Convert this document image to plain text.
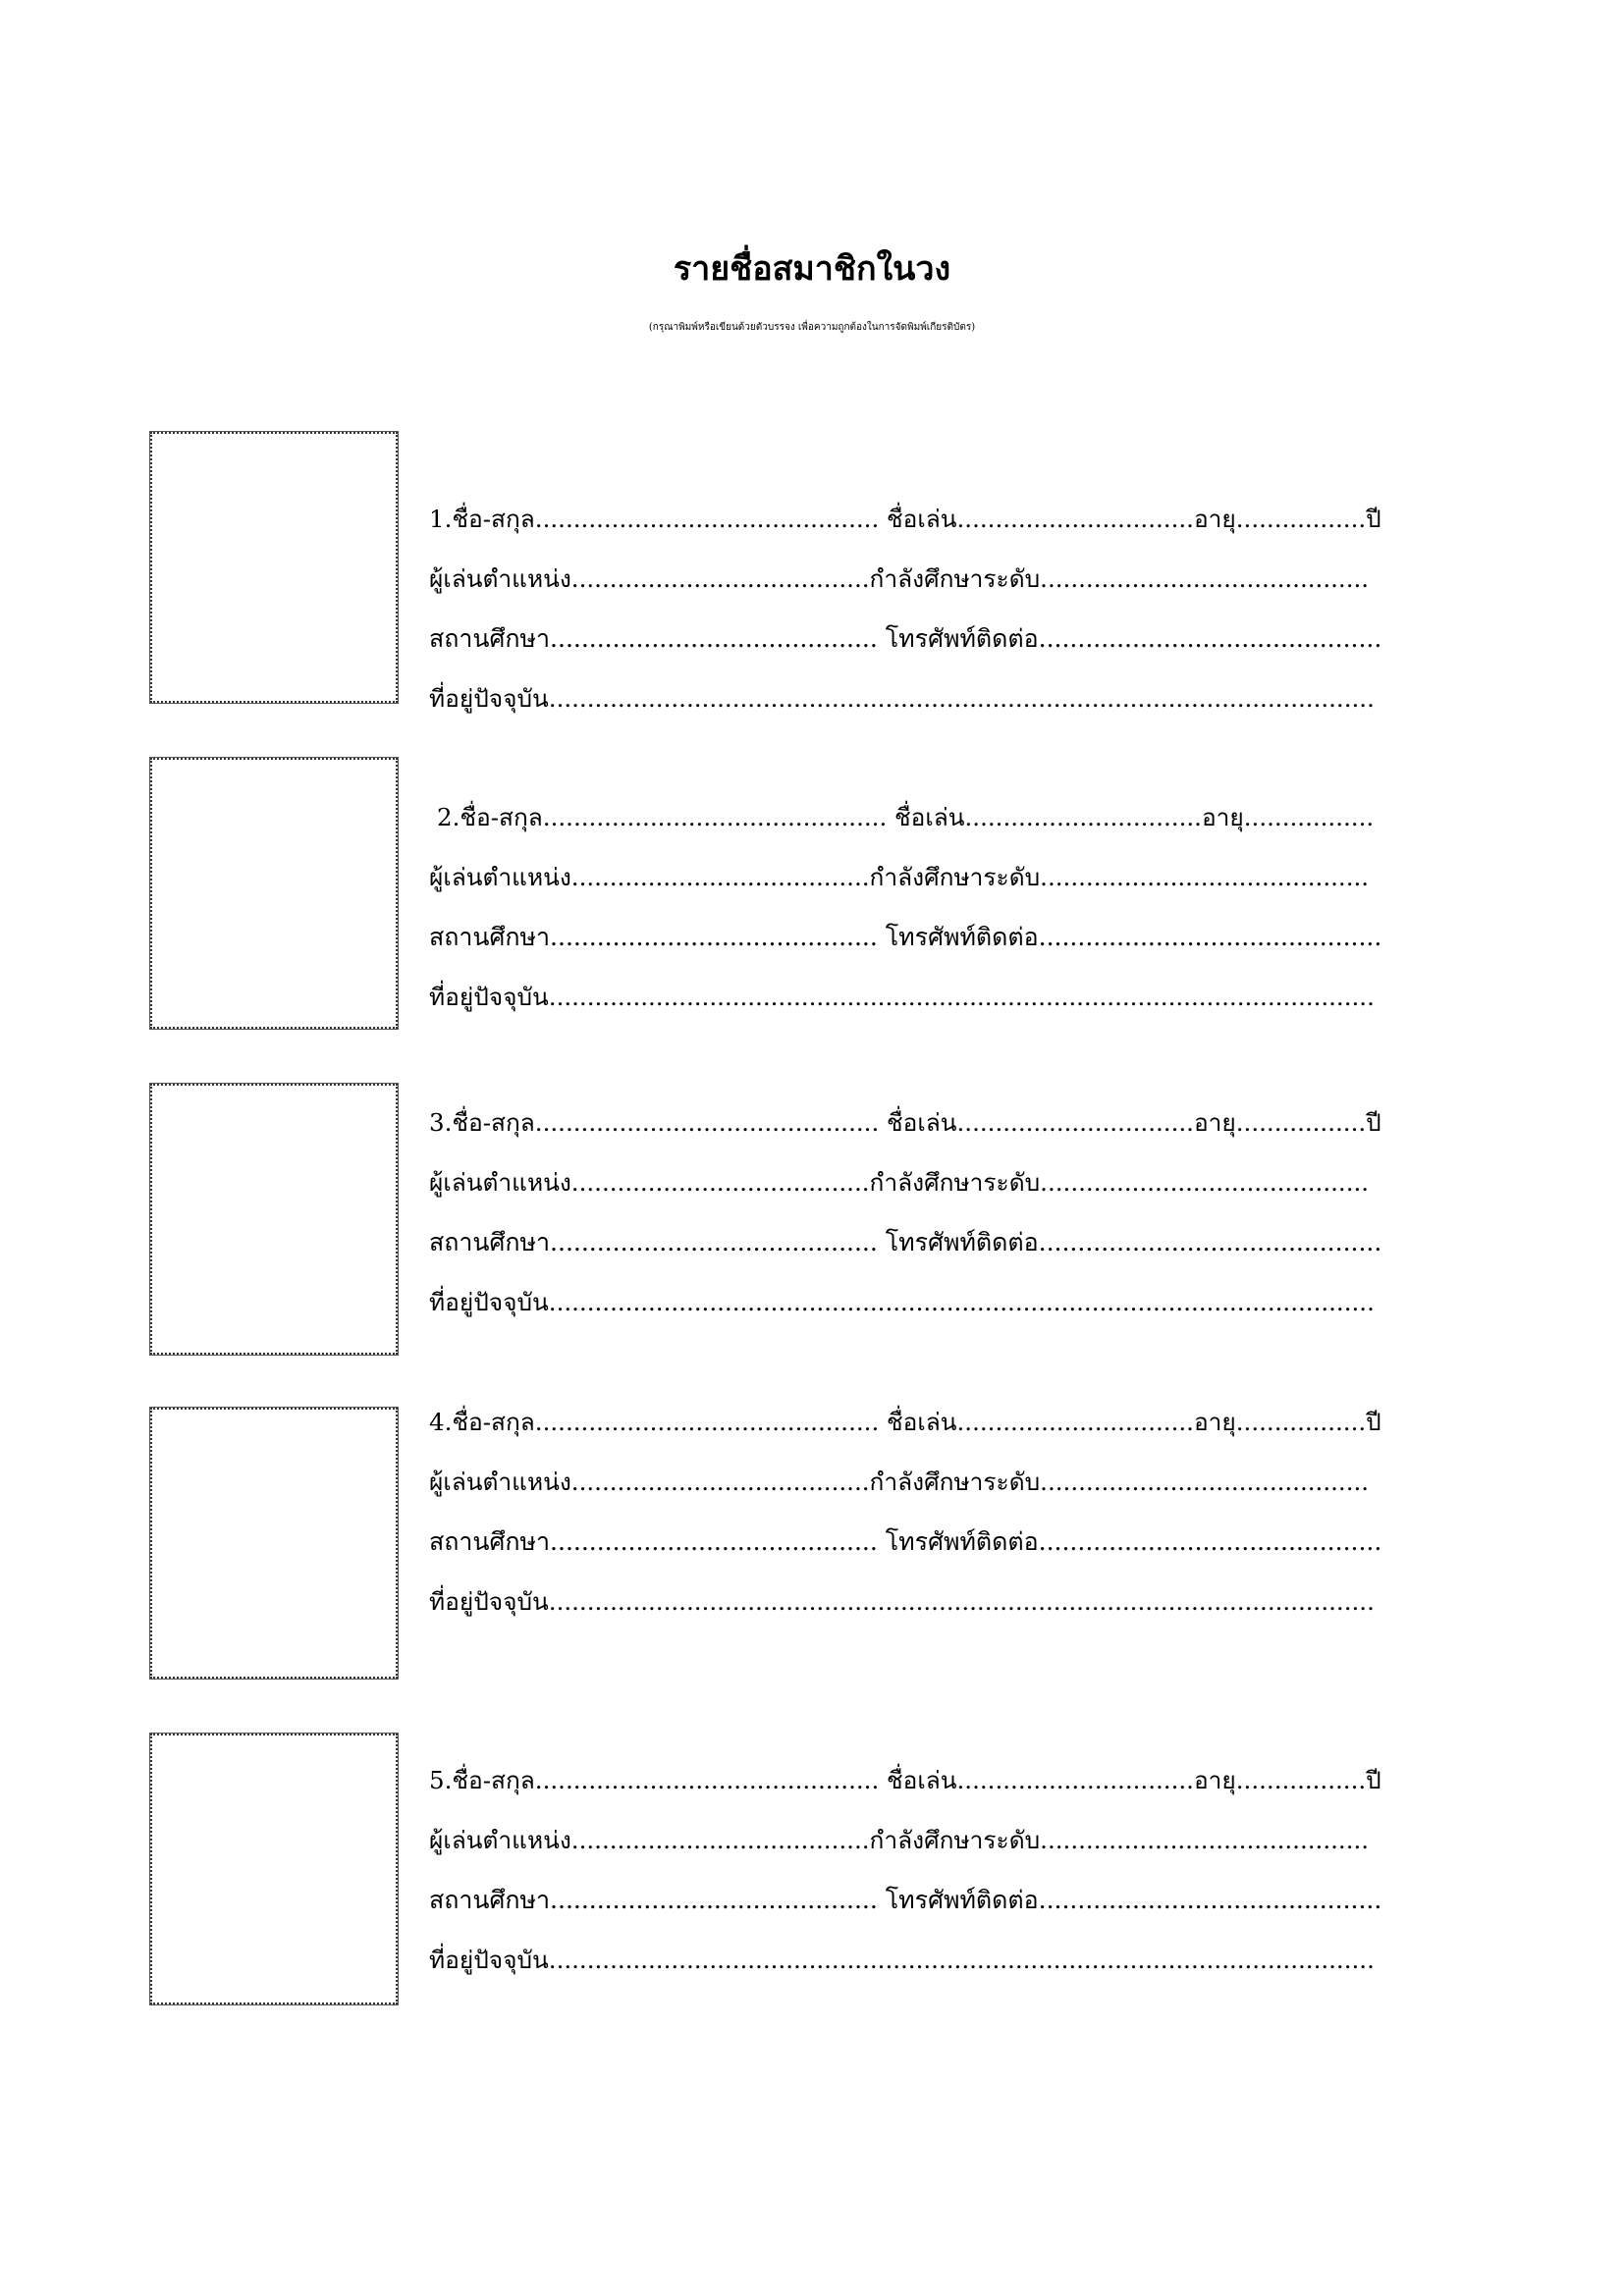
รายชื่อสมาชิกในวง

(กรุณาพิมพ์หรือเขียนด้วยตัวบรรจง เพื่อความถูกต้องในการจัดพิมพ์เกียรติบัตร)

1.ชื่อ-สกุล............................................. ชื่อเล่น...............................อายุ.................ปี
ผู้เล่นตำแหน่ง.......................................กำลังศึกษาระดับ...........................................
สถานศึกษา.......................................... โทรศัพท์ติดต่อ............................................
ที่อยู่ปัจจุบัน............................................................................................................
2.ชื่อ-สกุล............................................. ชื่อเล่น...............................อายุ.................
ผู้เล่นตำแหน่ง.......................................กำลังศึกษาระดับ...........................................
สถานศึกษา.......................................... โทรศัพท์ติดต่อ............................................
ที่อยู่ปัจจุบัน............................................................................................................
3.ชื่อ-สกุล............................................. ชื่อเล่น...............................อายุ.................ปี
ผู้เล่นตำแหน่ง.......................................กำลังศึกษาระดับ...........................................
สถานศึกษา.......................................... โทรศัพท์ติดต่อ............................................
ที่อยู่ปัจจุบัน............................................................................................................
4.ชื่อ-สกุล............................................. ชื่อเล่น...............................อายุ.................ปี
ผู้เล่นตำแหน่ง.......................................กำลังศึกษาระดับ...........................................
สถานศึกษา.......................................... โทรศัพท์ติดต่อ............................................
ที่อยู่ปัจจุบัน............................................................................................................
5.ชื่อ-สกุล............................................. ชื่อเล่น...............................อายุ.................ปี
ผู้เล่นตำแหน่ง.......................................กำลังศึกษาระดับ...........................................
สถานศึกษา.......................................... โทรศัพท์ติดต่อ............................................
ที่อยู่ปัจจุบัน............................................................................................................
